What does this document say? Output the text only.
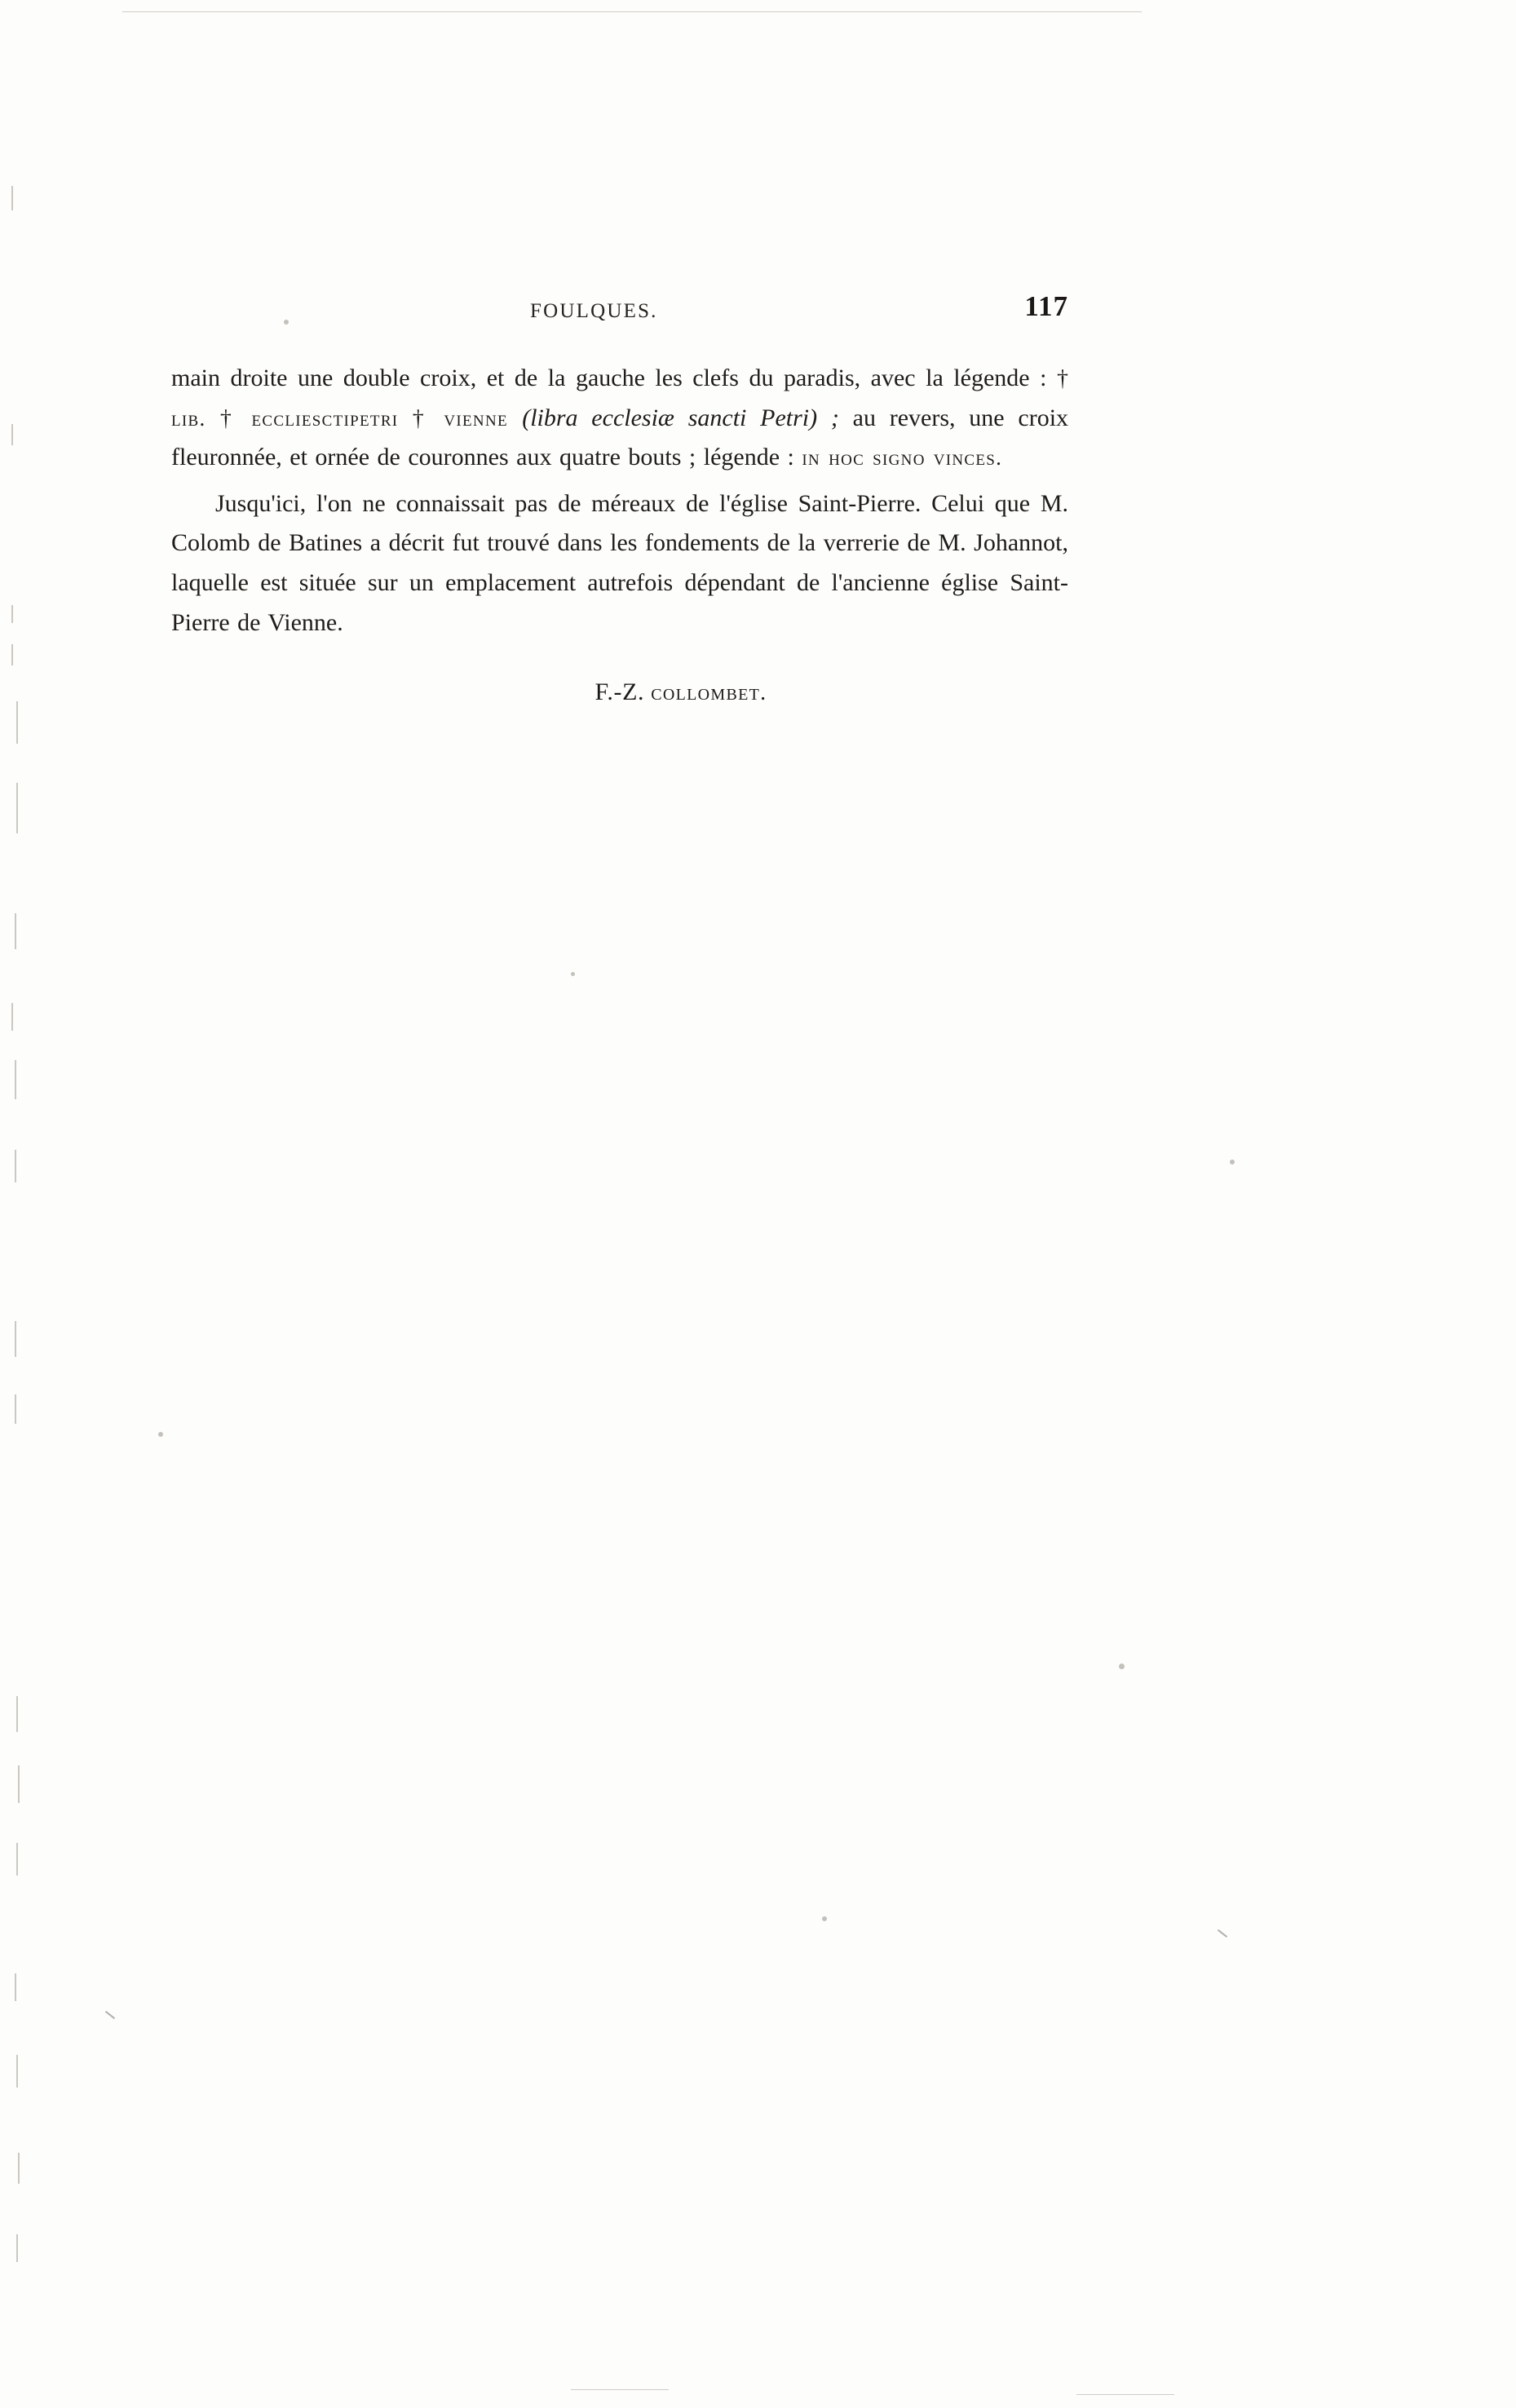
FOULQUES.	117

main droite une double croix, et de la gauche les clefs du paradis, avec la légende : † lib. † eccliesctipetri † vienne (libra ecclesiæ sancti Petri) ; au revers, une croix fleuronnée, et ornée de couronnes aux quatre bouts ; légende : in hoc signo vinces.

Jusqu'ici, l'on ne connaissait pas de méreaux de l'église Saint-Pierre. Celui que M. Colomb de Batines a décrit fut trouvé dans les fondements de la verrerie de M. Johannot, laquelle est située sur un emplacement autrefois dépendant de l'ancienne église Saint-Pierre de Vienne.

F.-Z. collombet.
